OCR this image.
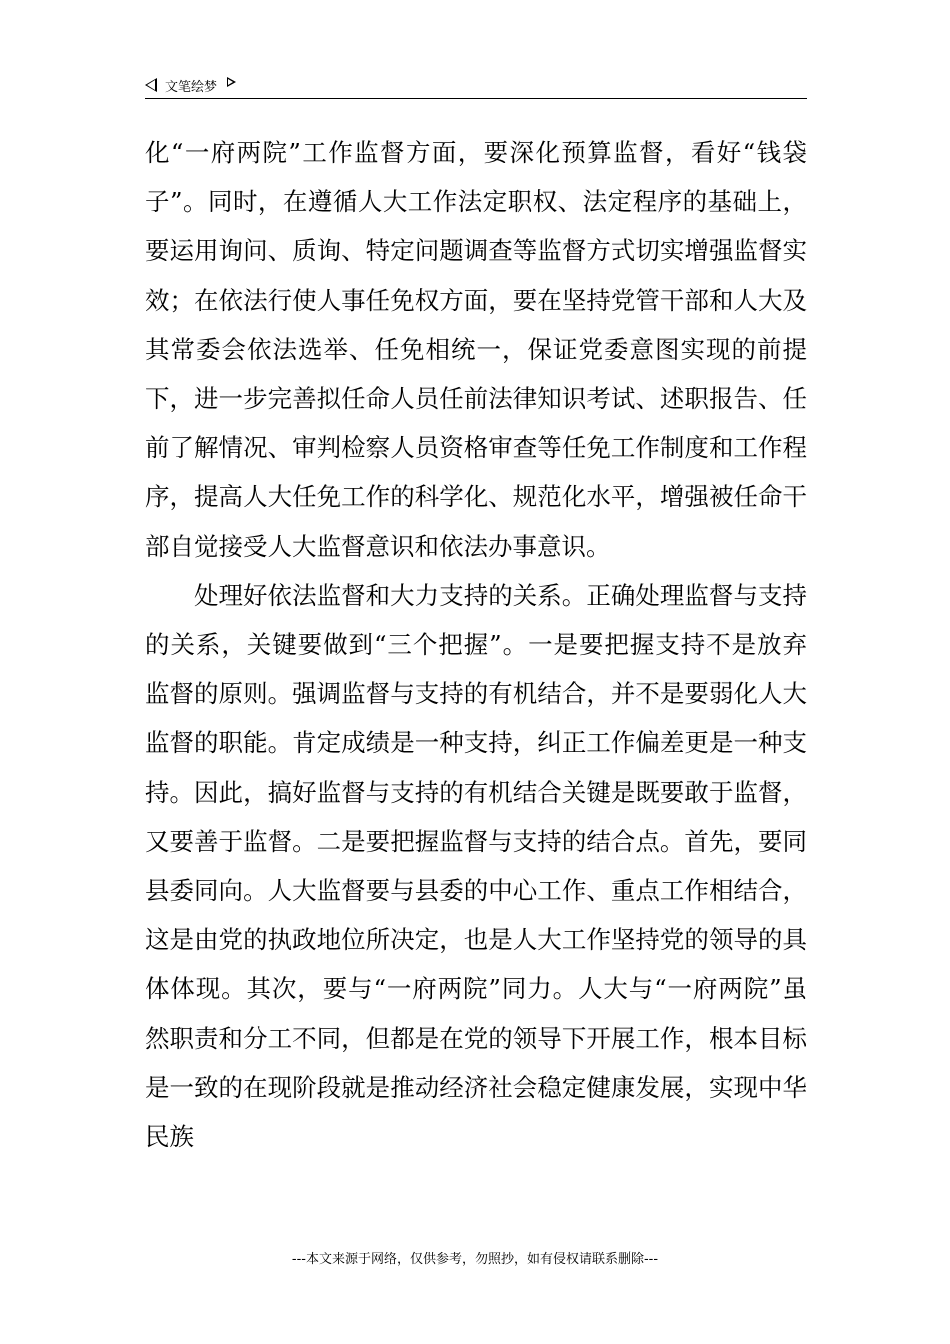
文笔绘梦

化“一府两院”工作监督方面，要深化预算监督，看好“钱袋子”。同时，在遵循人大工作法定职权、法定程序的基础上，要运用询问、质询、特定问题调查等监督方式切实增强监督实效；在依法行使人事任免权方面，要在坚持党管干部和人大及其常委会依法选举、任免相统一，保证党委意图实现的前提下，进一步完善拟任命人员任前法律知识考试、述职报告、任前了解情况、审判检察人员资格审查等任免工作制度和工作程序，提高人大任免工作的科学化、规范化水平，增强被任命干部自觉接受人大监督意识和依法办事意识。

处理好依法监督和大力支持的关系。正确处理监督与支持的关系，关键要做到“三个把握”。一是要把握支持不是放弃监督的原则。强调监督与支持的有机结合，并不是要弱化人大监督的职能。肯定成绩是一种支持，纠正工作偏差更是一种支持。因此，搞好监督与支持的有机结合关键是既要敢于监督，又要善于监督。二是要把握监督与支持的结合点。首先，要同县委同向。人大监督要与县委的中心工作、重点工作相结合，这是由党的执政地位所决定，也是人大工作坚持党的领导的具体体现。其次，要与“一府两院”同力。人大与“一府两院”虽然职责和分工不同，但都是在党的领导下开展工作，根本目标是一致的在现阶段就是推动经济社会稳定健康发展，实现中华民族

---本文来源于网络，仅供参考，勿照抄，如有侵权请联系删除---
